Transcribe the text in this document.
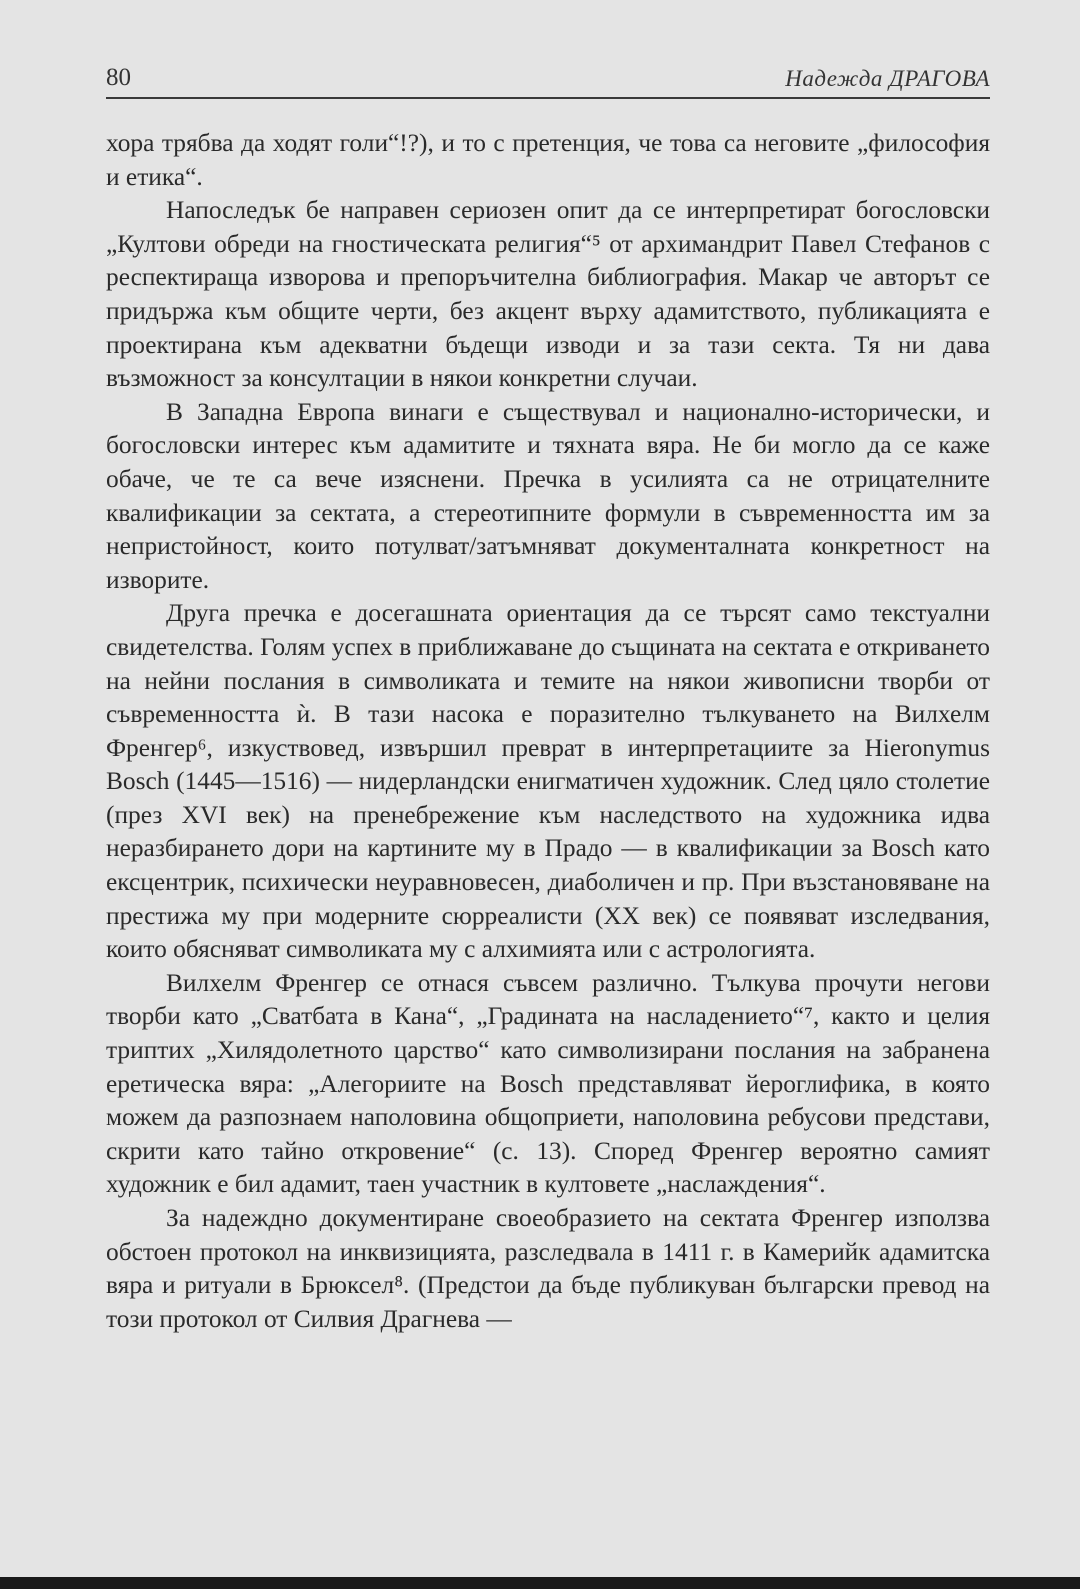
80	Надежда ДРАГОВА

хора трябва да ходят голи“!?), и то с претенция, че това са неговите „философия и етика“.

Напоследък бе направен сериозен опит да се интерпретират богословски „Култови обреди на гностическата религия“⁵ от архимандрит Павел Стефанов с респектираща изворова и препоръчителна библиография. Макар че авторът се придържа към общите черти, без акцент върху адамитството, публикацията е проектирана към адекватни бъдещи изводи и за тази секта. Тя ни дава възможност за консултации в някои конкретни случаи.

В Западна Европа винаги е съществувал и национално-исторически, и богословски интерес към адамитите и тяхната вяра. Не би могло да се каже обаче, че те са вече изяснени. Пречка в усилията са не отрицателните квалификации за сектата, а стереотипните формули в съвременността им за непристойност, които потулват/затъмняват документалната конкретност на изворите.

Друга пречка е досегашната ориентация да се търсят само текстуални свидетелства. Голям успех в приближаване до същината на сектата е откриването на нейни послания в символиката и темите на някои живописни творби от съвременността ѝ. В тази насока е поразително тълкуването на Вилхелм Френгер⁶, изкуствовед, извършил преврат в интерпретациите за Hieronymus Bosch (1445—1516) — нидерландски енигматичен художник. След цяло столетие (през XVI век) на пренебрежение към наследството на художника идва неразбирането дори на картините му в Прадо — в квалификации за Bosch като ексцентрик, психически неуравновесен, диаболичен и пр. При възстановяване на престижа му при модерните сюрреалисти (XX век) се появяват изследвания, които обясняват символиката му с алхимията или с астрологията.

Вилхелм Френгер се отнася съвсем различно. Тълкува прочути негови творби като „Сватбата в Кана“, „Градината на насладението“⁷, както и целия триптих „Хилядолетното царство“ като символизирани послания на забранена еретическа вяра: „Алегориите на Bosch представляват йероглифика, в която можем да разпознаем наполовина общоприети, наполовина ребусови представи, скрити като тайно откровение“ (с. 13). Според Френгер вероятно самият художник е бил адамит, таен участник в култовете „наслаждения“.

За надеждно документиране своеобразието на сектата Френгер използва обстоен протокол на инквизицията, разследвала в 1411 г. в Камерийк адамитска вяра и ритуали в Брюксел⁸. (Предстои да бъде публикуван български превод на този протокол от Силвия Драгнева —
